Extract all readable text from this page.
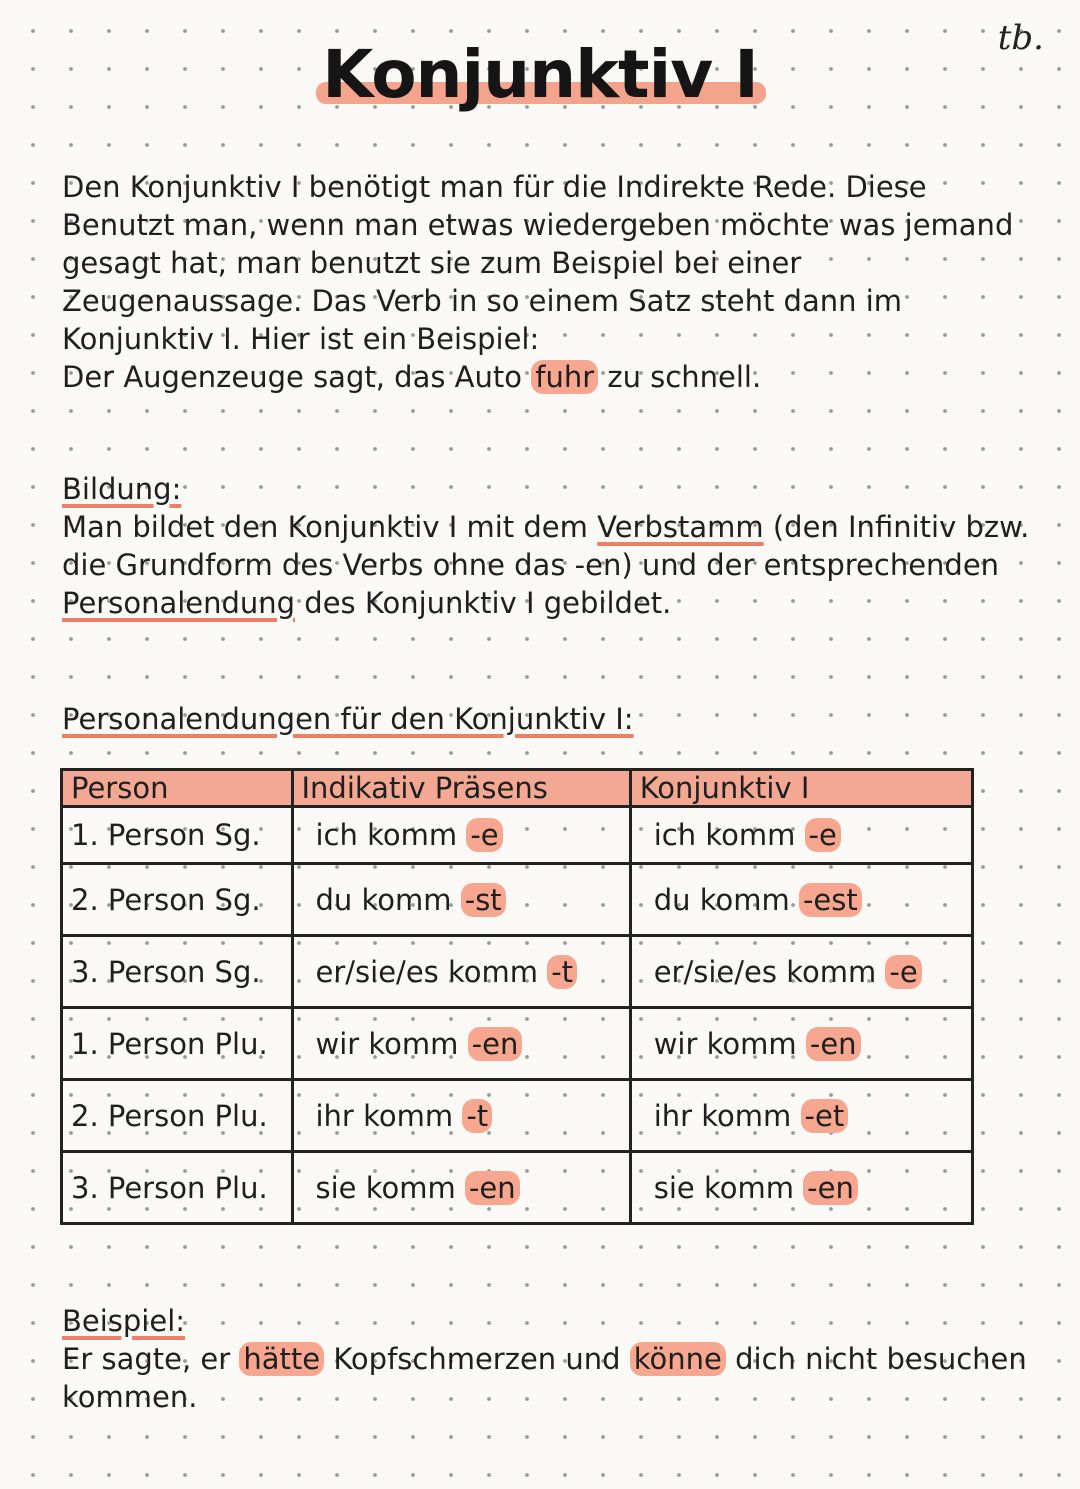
tb.
Konjunktiv I
Den Konjunktiv I benötigt man für die Indirekte Rede. Diese Benutzt man, wenn man etwas wiedergeben möchte was jemand gesagt hat, man benutzt sie zum Beispiel bei einer Zeugenaussage. Das Verb in so einem Satz steht dann im Konjunktiv I. Hier ist ein Beispiel:
Der Augenzeuge sagt, das Auto fuhr zu schnell.
Bildung:
Man bildet den Konjunktiv I mit dem Verbstamm (den Infinitiv bzw. die Grundform des Verbs ohne das -en) und der entsprechenden Personalendung des Konjunktiv I gebildet.
Personalendungen für den Konjunktiv I:
Person	Indikativ Präsens	Konjunktiv I
1. Person Sg.	ich komm -e	ich komm -e
2. Person Sg.	du komm -st	du komm -est
3. Person Sg.	er/sie/es komm -t	er/sie/es komm -e
1. Person Plu.	wir komm -en	wir komm -en
2. Person Plu.	ihr komm -t	ihr komm -et
3. Person Plu.	sie komm -en	sie komm -en
Beispiel:
Er sagte, er hätte Kopfschmerzen und könne dich nicht besuchen kommen.
